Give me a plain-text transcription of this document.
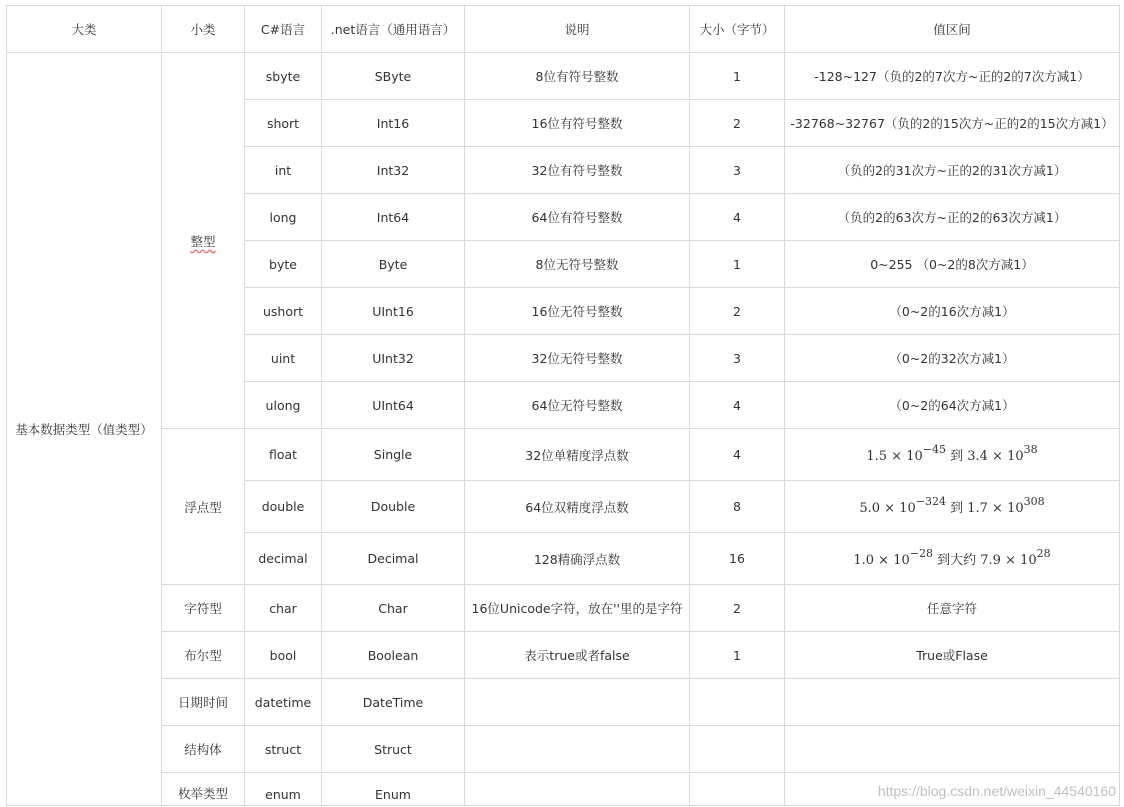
大类	小类	C#语言	.net语言（通用语言）	说明	大小（字节）	值区间
基本数据类型（值类型）	整型	sbyte	SByte	8位有符号整数	1	-128~127（负的2的7次方~正的2的7次方减1）
		short	Int16	16位有符号整数	2	-32768~32767（负的2的15次方~正的2的15次方减1）
		int	Int32	32位有符号整数	3	（负的2的31次方~正的2的31次方减1）
		long	Int64	64位有符号整数	4	（负的2的63次方~正的2的63次方减1）
		byte	Byte	8位无符号整数	1	0~255 （0~2的8次方减1）
		ushort	UInt16	16位无符号整数	2	（0~2的16次方减1）
		uint	UInt32	32位无符号整数	3	（0~2的32次方减1）
		ulong	UInt64	64位无符号整数	4	（0~2的64次方减1）
	浮点型	float	Single	32位单精度浮点数	4	$1.5 \times 10^{-45}$ 到 $3.4 \times 10^{38}$
		double	Double	64位双精度浮点数	8	$5.0 \times 10^{-324}$ 到 $1.7 \times 10^{308}$
		decimal	Decimal	128精确浮点数	16	$1.0 \times 10^{-28}$ 到大约 $7.9 \times 10^{28}$
	字符型	char	Char	16位Unicode字符，放在''里的是字符	2	任意字符
	布尔型	bool	Boolean	表示true或者false	1	True或Flase
	日期时间	datetime	DateTime			
	结构体	struct	Struct			
	枚举类型	enum	Enum				https://blog.csdn.net/weixin_44540160
